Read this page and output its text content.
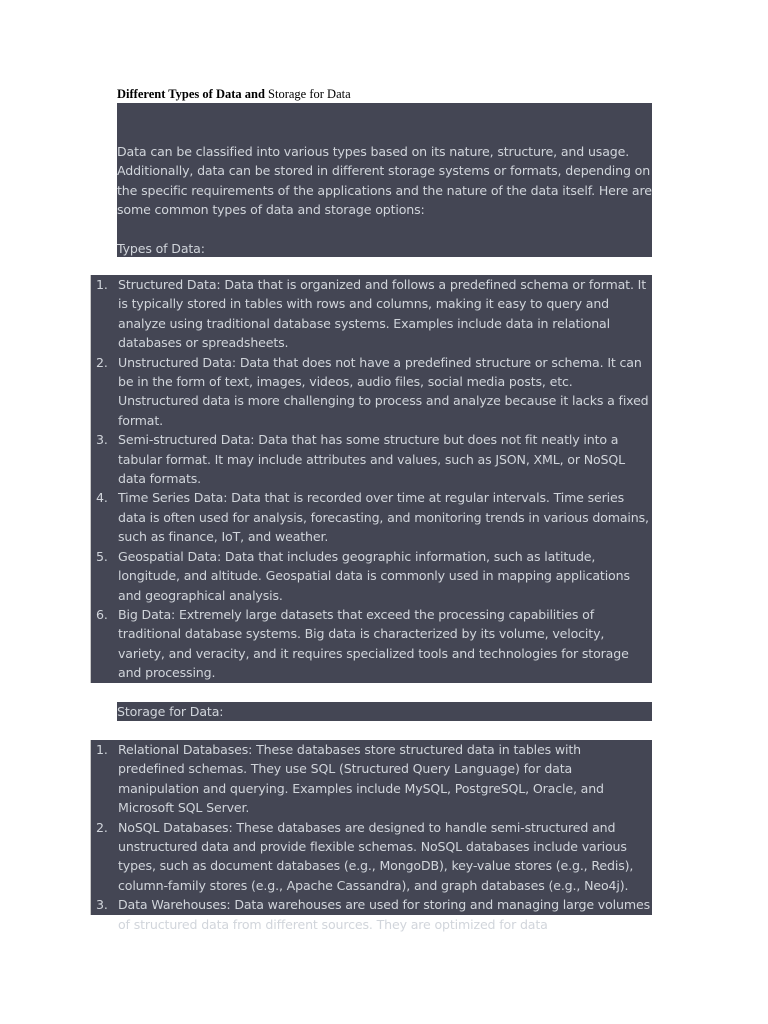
Different Types of Data and Storage for Data

Data can be classified into various types based on its nature, structure, and usage. Additionally, data can be stored in different storage systems or formats, depending on the specific requirements of the applications and the nature of the data itself. Here are some common types of data and storage options:

Types of Data:

1. Structured Data: Data that is organized and follows a predefined schema or format. It is typically stored in tables with rows and columns, making it easy to query and analyze using traditional database systems. Examples include data in relational databases or spreadsheets.
2. Unstructured Data: Data that does not have a predefined structure or schema. It can be in the form of text, images, videos, audio files, social media posts, etc. Unstructured data is more challenging to process and analyze because it lacks a fixed format.
3. Semi-structured Data: Data that has some structure but does not fit neatly into a tabular format. It may include attributes and values, such as JSON, XML, or NoSQL data formats.
4. Time Series Data: Data that is recorded over time at regular intervals. Time series data is often used for analysis, forecasting, and monitoring trends in various domains, such as finance, IoT, and weather.
5. Geospatial Data: Data that includes geographic information, such as latitude, longitude, and altitude. Geospatial data is commonly used in mapping applications and geographical analysis.
6. Big Data: Extremely large datasets that exceed the processing capabilities of traditional database systems. Big data is characterized by its volume, velocity, variety, and veracity, and it requires specialized tools and technologies for storage and processing.
Storage for Data:
1. Relational Databases: These databases store structured data in tables with predefined schemas. They use SQL (Structured Query Language) for data manipulation and querying. Examples include MySQL, PostgreSQL, Oracle, and Microsoft SQL Server.
2. NoSQL Databases: These databases are designed to handle semi-structured and unstructured data and provide flexible schemas. NoSQL databases include various types, such as document databases (e.g., MongoDB), key-value stores (e.g., Redis), column-family stores (e.g., Apache Cassandra), and graph databases (e.g., Neo4j).
3. Data Warehouses: Data warehouses are used for storing and managing large volumes of structured data from different sources. They are optimized for data
